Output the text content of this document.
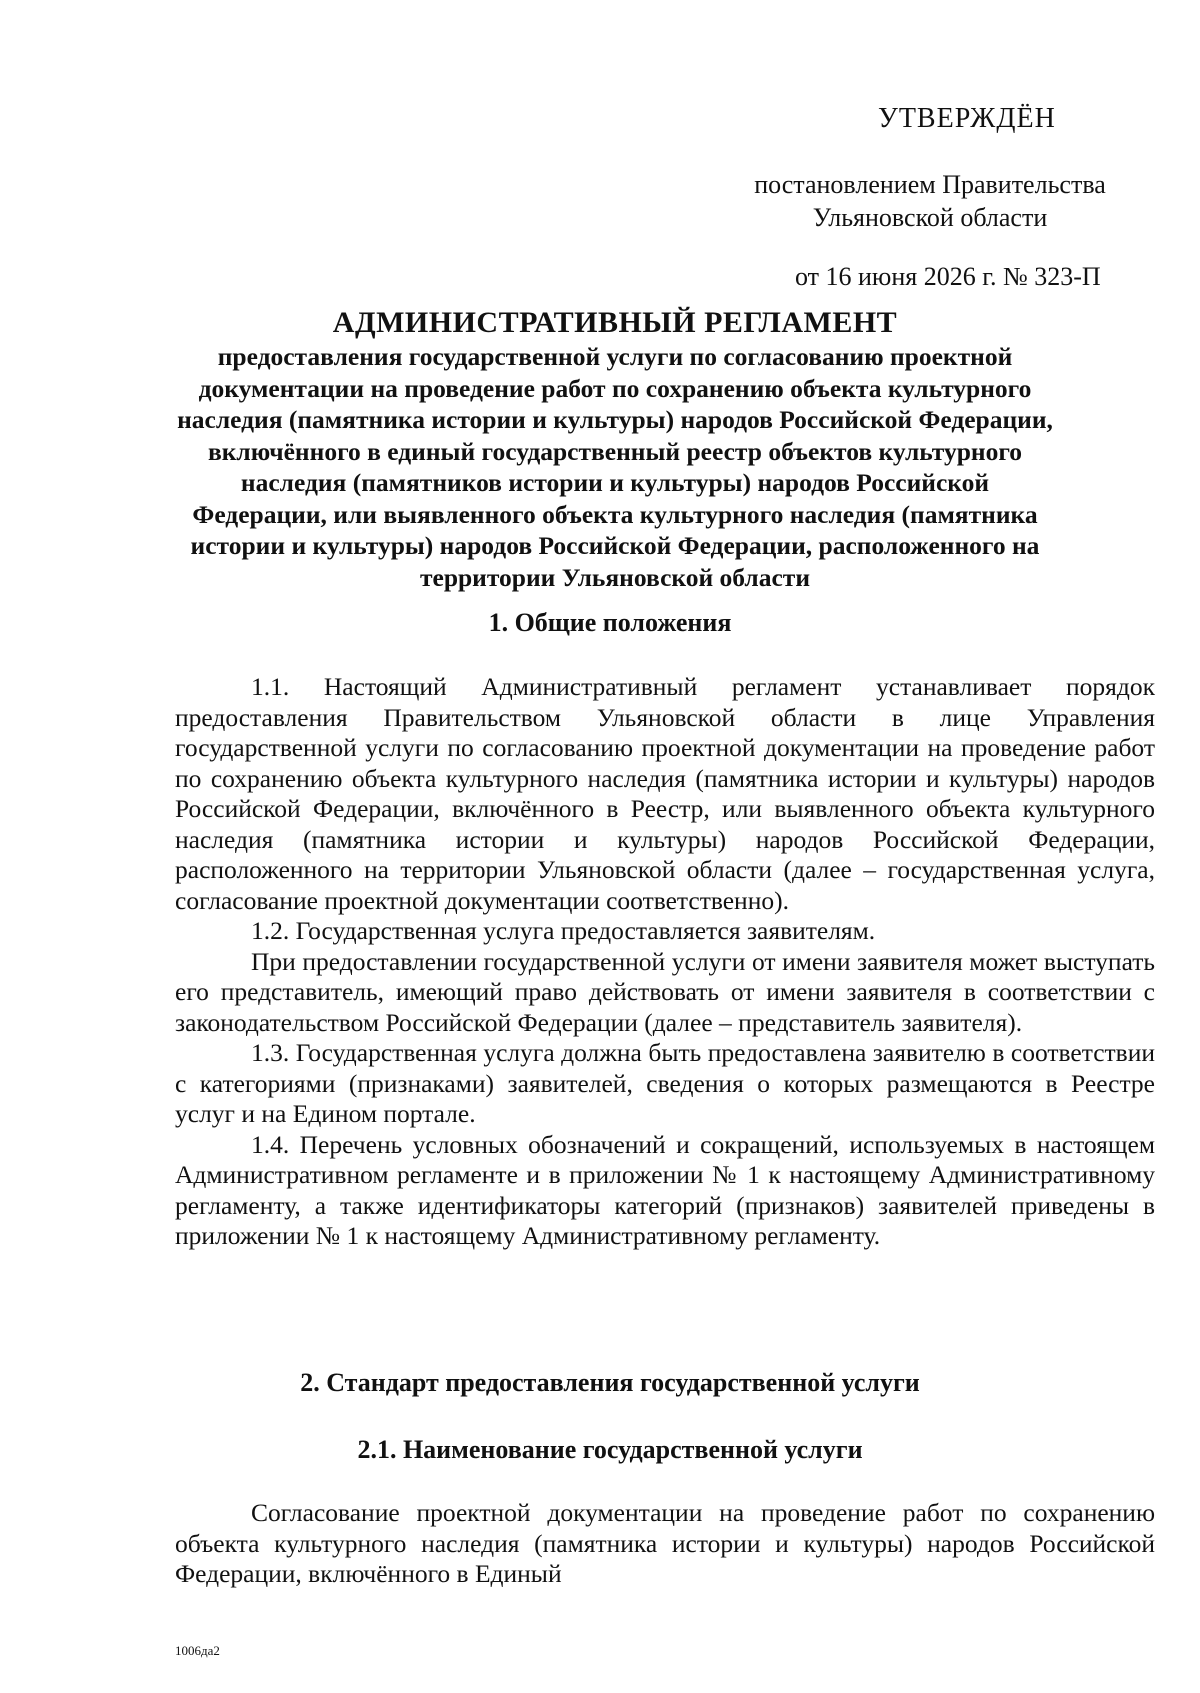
УТВЕРЖДЁН
постановлением Правительства
Ульяновской области
от 16 июня 2026 г. № 323-П
АДМИНИСТРАТИВНЫЙ РЕГЛАМЕНТ
предоставления государственной услуги по согласованию проектной документации на проведение работ по сохранению объекта культурного наследия (памятника истории и культуры) народов Российской Федерации, включённого в единый государственный реестр объектов культурного наследия (памятников истории и культуры) народов Российской Федерации, или выявленного объекта культурного наследия (памятника истории и культуры) народов Российской Федерации, расположенного на территории Ульяновской области
1. Общие положения

1.1. Настоящий Административный регламент устанавливает порядок предоставления Правительством Ульяновской области в лице Управления государственной услуги по согласованию проектной документации на проведение работ по сохранению объекта культурного наследия (памятника истории и культуры) народов Российской Федерации, включённого в Реестр, или выявленного объекта культурного наследия (памятника истории и культуры) народов Российской Федерации, расположенного на территории Ульяновской области (далее – государственная услуга, согласование проектной документации соответственно).

1.2. Государственная услуга предоставляется заявителям.

При предоставлении государственной услуги от имени заявителя может выступать его представитель, имеющий право действовать от имени заявителя в соответствии с законодательством Российской Федерации (далее – представитель заявителя).

1.3. Государственная услуга должна быть предоставлена заявителю в соответствии с категориями (признаками) заявителей, сведения о которых размещаются в Реестре услуг и на Едином портале.

1.4. Перечень условных обозначений и сокращений, используемых в настоящем Административном регламенте и в приложении № 1 к настоящему Административному регламенту, а также идентификаторы категорий (признаков) заявителей приведены в приложении № 1 к настоящему Административному регламенту.

2. Стандарт предоставления государственной услуги
2.1. Наименование государственной услуги

Согласование проектной документации на проведение работ по сохранению объекта культурного наследия (памятника истории и культуры) народов Российской Федерации, включённого в Единый

1006да2
